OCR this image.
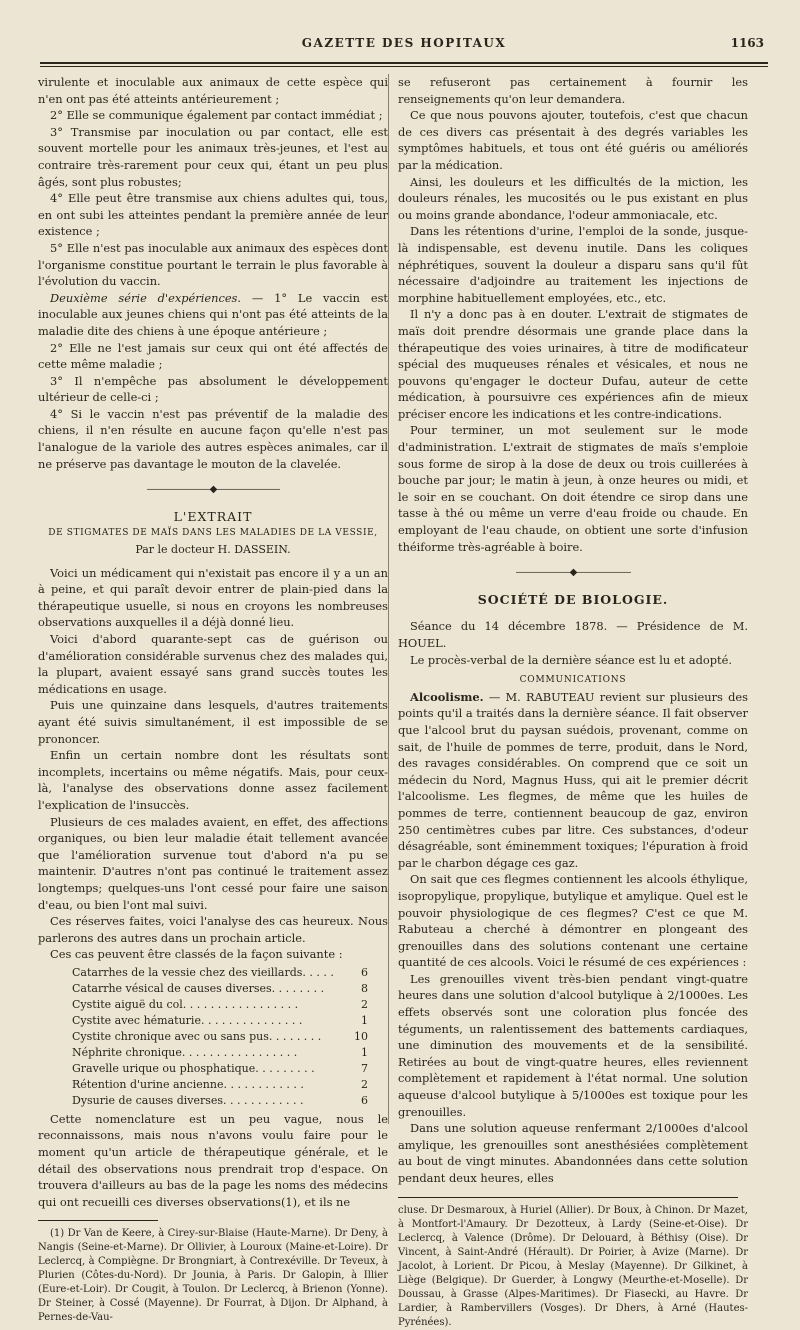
GAZETTE DES HOPITAUX	1163

virulente et inoculable aux animaux de cette espèce qui n'en ont pas été atteints antérieurement ;

2° Elle se communique également par contact immédiat ;

3° Transmise par inoculation ou par contact, elle est souvent mortelle pour les animaux très-jeunes, et l'est au contraire très-rarement pour ceux qui, étant un peu plus âgés, sont plus robustes;

4° Elle peut être transmise aux chiens adultes qui, tous, en ont subi les atteintes pendant la première année de leur existence ;

5° Elle n'est pas inoculable aux animaux des espèces dont l'organisme constitue pourtant le terrain le plus favorable à l'évolution du vaccin.

Deuxième série d'expériences. — 1° Le vaccin est inoculable aux jeunes chiens qui n'ont pas été atteints de la maladie dite des chiens à une époque antérieure ;

2° Elle ne l'est jamais sur ceux qui ont été affectés de cette même maladie ;

3° Il n'empêche pas absolument le développement ultérieur de celle-ci ;

4° Si le vaccin n'est pas préventif de la maladie des chiens, il n'en résulte en aucune façon qu'elle n'est pas l'analogue de la variole des autres espèces animales, car il ne préserve pas davantage le mouton de la clavelée.

———————◆———————

L'EXTRAIT

DE STIGMATES DE MAÏS DANS LES MALADIES DE LA VESSIE,

Par le docteur H. DASSEIN.

Voici un médicament qui n'existait pas encore il y a un an à peine, et qui paraît devoir entrer de plain-pied dans la thérapeutique usuelle, si nous en croyons les nombreuses observations auxquelles il a déjà donné lieu.

Voici d'abord quarante-sept cas de guérison ou d'amélioration considérable survenus chez des malades qui, la plupart, avaient essayé sans grand succès toutes les médications en usage.

Puis une quinzaine dans lesquels, d'autres traitements ayant été suivis simultanément, il est impossible de se prononcer.

Enfin un certain nombre dont les résultats sont incomplets, incertains ou même négatifs. Mais, pour ceux-là, l'analyse des observations donne assez facilement l'explication de l'insuccès.

Plusieurs de ces malades avaient, en effet, des affections organiques, ou bien leur maladie était tellement avancée que l'amélioration survenue tout d'abord n'a pu se maintenir. D'autres n'ont pas continué le traitement assez longtemps; quelques-uns l'ont cessé pour faire une saison d'eau, ou bien l'ont mal suivi.

Ces réserves faites, voici l'analyse des cas heureux. Nous parlerons des autres dans un prochain article.

Ces cas peuvent être classés de la façon suivante :

Catarrhes de la vessie chez des vieillards. . . . . 6
Catarrhe vésical de causes diverses. . . . . . . .	8
Cystite aiguë du col. . . . . . . . . . . . . . . . .	2
Cystite avec hématurie. . . . . . . . . . . . . . .	1
Cystite chronique avec ou sans pus. . . . . . . .	10
Néphrite chronique. . . . . . . . . . . . . . . . .	1
Gravelle urique ou phosphatique. . . . . . . . .	7
Rétention d'urine ancienne. . . . . . . . . . . .	2
Dysurie de causes diverses. . . . . . . . . . . .	6

Cette nomenclature est un peu vague, nous le reconnaissons, mais nous n'avons voulu faire pour le moment qu'un article de thérapeutique générale, et le détail des observations nous prendrait trop d'espace. On trouvera d'ailleurs au bas de la page les noms des médecins qui ont recueilli ces diverses observations(1), et ils ne

(1) Dr Van de Keere, à Cirey-sur-Blaise (Haute-Marne). Dr Deny, à Nangis (Seine-et-Marne). Dr Ollivier, à Louroux (Maine-et-Loire). Dr Leclercq, à Compiègne. Dr Brongniart, à Contrexéville. Dr Teveux, à Plurien (Côtes-du-Nord). Dr Jounia, à Paris. Dr Galopin, à Illier (Eure-et-Loir). Dr Cougit, à Toulon. Dr Leclercq, à Brienon (Yonne). Dr Steiner, à Cossé (Mayenne). Dr Fourrat, à Dijon. Dr Alphand, à Pernes-de-Vau-

se refuseront pas certainement à fournir les renseignements qu'on leur demandera.

Ce que nous pouvons ajouter, toutefois, c'est que chacun de ces divers cas présentait à des degrés variables les symptômes habituels, et tous ont été guéris ou améliorés par la médication.

Ainsi, les douleurs et les difficultés de la miction, les douleurs rénales, les mucosités ou le pus existant en plus ou moins grande abondance, l'odeur ammoniacale, etc.

Dans les rétentions d'urine, l'emploi de la sonde, jusque-là indispensable, est devenu inutile. Dans les coliques néphrétiques, souvent la douleur a disparu sans qu'il fût nécessaire d'adjoindre au traitement les injections de morphine habituellement employées, etc., etc.

Il n'y a donc pas à en douter. L'extrait de stigmates de maïs doit prendre désormais une grande place dans la thérapeutique des voies urinaires, à titre de modificateur spécial des muqueuses rénales et vésicales, et nous ne pouvons qu'engager le docteur Dufau, auteur de cette médication, à poursuivre ces expériences afin de mieux préciser encore les indications et les contre-indications.

Pour terminer, un mot seulement sur le mode d'administration. L'extrait de stigmates de maïs s'emploie sous forme de sirop à la dose de deux ou trois cuillerées à bouche par jour; le matin à jeun, à onze heures ou midi, et le soir en se couchant. On doit étendre ce sirop dans une tasse à thé ou même un verre d'eau froide ou chaude. En employant de l'eau chaude, on obtient une sorte d'infusion théiforme très-agréable à boire.

——————◆——————

SOCIÉTÉ DE BIOLOGIE.

Séance du 14 décembre 1878. — Présidence de M. HOUEL.

Le procès-verbal de la dernière séance est lu et adopté.

COMMUNICATIONS

Alcoolisme. — M. RABUTEAU revient sur plusieurs des points qu'il a traités dans la dernière séance. Il fait observer que l'alcool brut du paysan suédois, provenant, comme on sait, de l'huile de pommes de terre, produit, dans le Nord, des ravages considérables. On comprend que ce soit un médecin du Nord, Magnus Huss, qui ait le premier décrit l'alcoolisme. Les flegmes, de même que les huiles de pommes de terre, contiennent beaucoup de gaz, environ 250 centimètres cubes par litre. Ces substances, d'odeur désagréable, sont éminemment toxiques; l'épuration à froid par le charbon dégage ces gaz.

On sait que ces flegmes contiennent les alcools éthylique, isopropylique, propylique, butylique et amylique. Quel est le pouvoir physiologique de ces flegmes? C'est ce que M. Rabuteau a cherché à démontrer en plongeant des grenouilles dans des solutions contenant une certaine quantité de ces alcools. Voici le résumé de ces expériences :

Les grenouilles vivent très-bien pendant vingt-quatre heures dans une solution d'alcool butylique à 2/1000es. Les effets observés sont une coloration plus foncée des téguments, un ralentissement des battements cardiaques, une diminution des mouvements et de la sensibilité. Retirées au bout de vingt-quatre heures, elles reviennent complètement et rapidement à l'état normal. Une solution aqueuse d'alcool butylique à 5/1000es est toxique pour les grenouilles.

Dans une solution aqueuse renfermant 2/1000es d'alcool amylique, les grenouilles sont anesthésiées complètement au bout de vingt minutes. Abandonnées dans cette solution pendant deux heures, elles

cluse. Dr Desmaroux, à Huriel (Allier). Dr Boux, à Chinon. Dr Mazet, à Montfort-l'Amaury. Dr Dezotteux, à Lardy (Seine-et-Oise). Dr Leclercq, à Valence (Drôme). Dr Delouard, à Béthisy (Oise). Dr Vincent, à Saint-André (Hérault). Dr Poirier, à Avize (Marne). Dr Jacolot, à Lorient. Dr Picou, à Meslay (Mayenne). Dr Gilkinet, à Liège (Belgique). Dr Guerder, à Longwy (Meurthe-et-Moselle). Dr Doussau, à Grasse (Alpes-Maritimes). Dr Fiasecki, au Havre. Dr Lardier, à Rambervillers (Vosges). Dr Dhers, à Arné (Hautes-Pyrénées).
